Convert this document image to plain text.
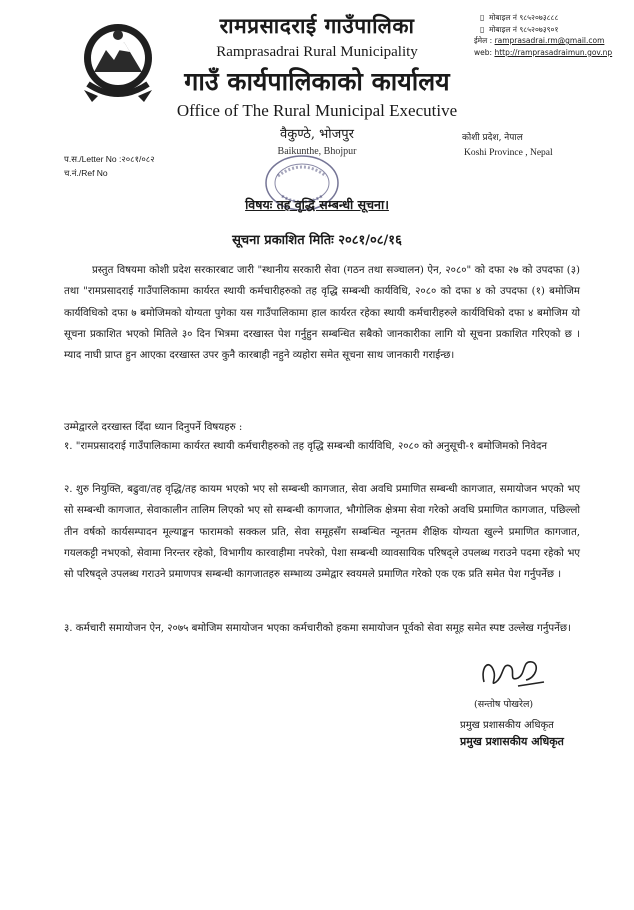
रामप्रसादराई गाउँपालिका
Ramprasadrai Rural Municipality
गाउँ कार्यपालिकाको कार्यालय
Office of The Rural Municipal Executive
▯ मोबाइल नं ९८५२०७३८८८
▯ मोबाइल नं ९८५२०७३९०१
ईमेल : ramprasadrai.rm@gmail.com
web: http://ramprasadraimun.gov.np
वैकुण्ठे, भोजपुर
Baikunthe, Bhojpur
कोशी प्रदेश, नेपाल
Koshi Province , Nepal
प.स./Letter No :२०८१/०८२
च.नं./Ref No
विषयः तह वृद्धि सम्बन्धी सूचना।
सूचना प्रकाशित मितिः २०८१/०८/१६
प्रस्तुत विषयमा कोशी प्रदेश सरकारबाट जारी "स्थानीय सरकारी सेवा (गठन तथा सञ्चालन) ऐन, २०८०" को दफा २७ को उपदफा (३) तथा "रामप्रसादराई गाउँपालिकामा कार्यरत स्थायी कर्मचारीहरुको तह वृद्धि सम्बन्धी कार्यविधि, २०८० को दफा ४ को उपदफा (१) बमोजिम कार्यविधिको दफा ७ बमोजिमको योग्यता पुगेका यस गाउँपालिकामा हाल कार्यरत रहेका स्थायी कर्मचारीहरुले कार्यविधिको दफा ४ बमोजिम यो सूचना प्रकाशित भएको मितिले ३० दिन भित्रमा दरखास्त पेश गर्नुहुन सम्बन्धित सबैको जानकारीका लागि यो सूचना प्रकाशित गरिएको छ । म्याद नाघी प्राप्त हुन आएका दरखास्त उपर कुनै कारबाही नहुने व्यहोरा समेत सूचना साथ जानकारी गराईन्छ।
उम्मेद्वारले दरखास्त दिँदा ध्यान दिनुपर्ने विषयहरु :
१. "रामप्रसादराई गाउँपालिकामा कार्यरत स्थायी कर्मचारीहरुको तह वृद्धि सम्बन्धी कार्यविधि, २०८० को अनुसूची-१ बमोजिमको निवेदन
२. शुरु नियुक्ति, बढुवा/तह वृद्धि/तह कायम भएको भए सो सम्बन्धी कागजात, सेवा अवधि प्रमाणित सम्बन्धी कागजात, समायोजन भएको भए सो सम्बन्धी कागजात, सेवाकालीन तालिम लिएको भए सो सम्बन्धी कागजात, भौगोलिक क्षेत्रमा सेवा गरेको अवधि प्रमाणित कागजात, पछिल्लो तीन वर्षको कार्यसम्पादन मूल्याङ्कन फारामको सक्कल प्रति, सेवा समूहसँग सम्बन्धित न्यूनतम शैक्षिक योग्यता खुल्ने प्रमाणित कागजात, गयलकट्टी नभएको, सेवामा निरन्तर रहेको, विभागीय कारवाहीमा नपरेको, पेशा सम्बन्धी व्यावसायिक परिषद्ले उपलब्ध गराउने पदमा रहेको भए सो परिषद्ले उपलब्ध गराउने प्रमाणपत्र सम्बन्धी कागजातहरु सम्भाव्य उम्मेद्वार स्वयमले प्रमाणित गरेको एक एक प्रति समेत पेश गर्नुपर्नेछ ।
३. कर्मचारी समायोजन ऐन, २०७५ बमोजिम समायोजन भएका कर्मचारीको हकमा समायोजन पूर्वको सेवा समूह समेत स्पष्ट उल्लेख गर्नुपर्नेछ।
(सन्तोष पोखरेल)
प्रमुख प्रशासकीय अधिकृत
प्रमुख प्रशासकीय अधिकृत
